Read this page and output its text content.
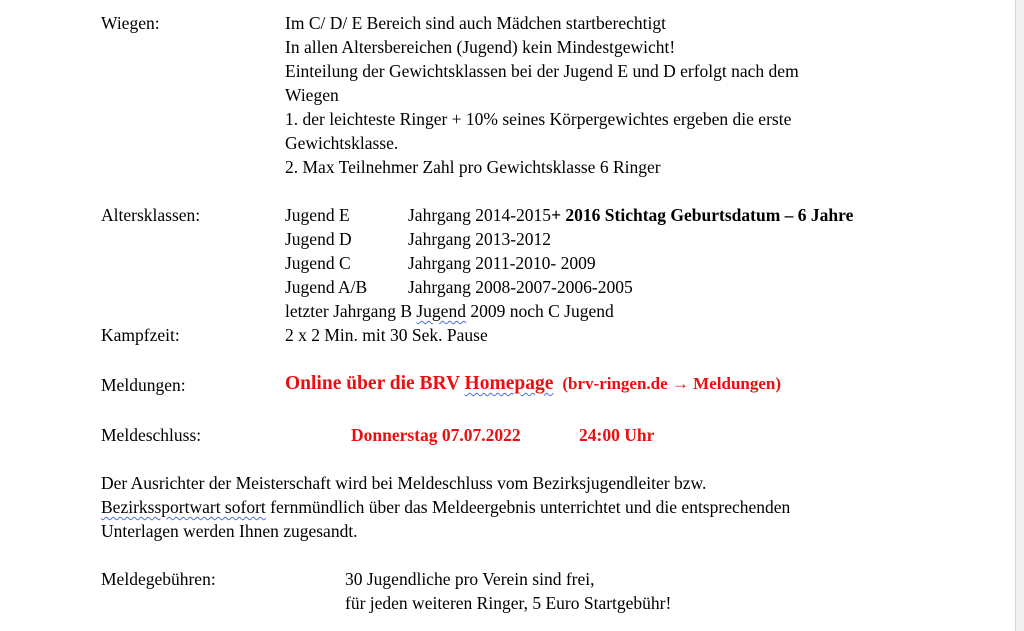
Wiegen:	Im C/ D/ E Bereich sind auch Mädchen startberechtigt
In allen Altersbereichen (Jugend) kein Mindestgewicht!
Einteilung der Gewichtsklassen bei der Jugend E und D erfolgt nach dem
Wiegen
1. der leichteste Ringer + 10% seines Körpergewichtes ergeben die erste
Gewichtsklasse.
2. Max Teilnehmer Zahl pro Gewichtsklasse 6 Ringer
Altersklassen:	Jugend E	Jahrgang 2014-2015+ 2016 Stichtag Geburtsdatum – 6 Jahre
Jugend D	Jahrgang 2013-2012
Jugend C	Jahrgang 2011-2010- 2009
Jugend A/B Jahrgang 2008-2007-2006-2005
letzter Jahrgang B Jugend 2009 noch C Jugend
Kampfzeit:	2 x 2 Min. mit 30 Sek. Pause
Meldungen:	Online über die BRV Homepage (brv-ringen.de → Meldungen)
Meldeschluss:	Donnerstag 07.07.2022	24:00 Uhr
Der Ausrichter der Meisterschaft wird bei Meldeschluss vom Bezirksjugendleiter bzw.
Bezirkssportwart sofort fernmündlich über das Meldeergebnis unterrichtet und die entsprechenden
Unterlagen werden Ihnen zugesandt.
Meldegebühren:	30 Jugendliche pro Verein sind frei,
für jeden weiteren Ringer, 5 Euro Startgebühr!
